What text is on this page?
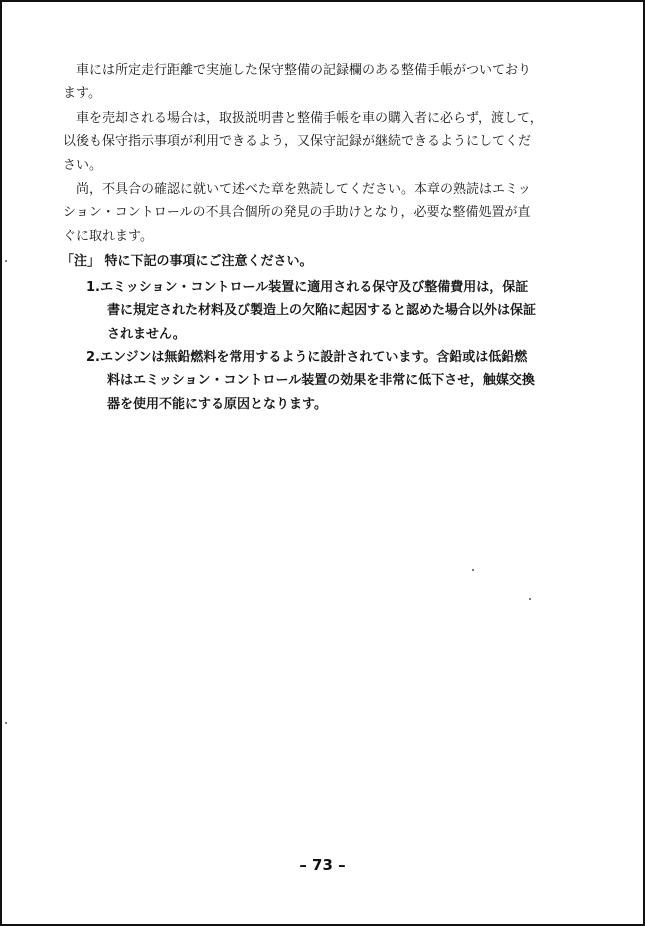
　車には所定走行距離で実施した保守整備の記録欄のある整備手帳がついており
ます。
　車を売却される場合は，取扱説明書と整備手帳を車の購入者に必らず，渡して，
以後も保守指示事項が利用できるよう，又保守記録が継続できるようにしてくだ
さい。
　尚，不具合の確認に就いて述べた章を熟読してください。本章の熟読はエミッ
ション・コントロールの不具合個所の発見の手助けとなり，必要な整備処置が直
ぐに取れます。
「注」 特に下記の事項にご注意ください。
1.エミッション・コントロール装置に適用される保守及び整備費用は，保証
書に規定された材料及び製造上の欠陥に起因すると認めた場合以外は保証
されません。
2.エンジンは無鉛燃料を常用するように設計されています。含鉛或は低鉛燃
料はエミッション・コントロール装置の効果を非常に低下させ，触媒交換
器を使用不能にする原因となります。
– 73 –
